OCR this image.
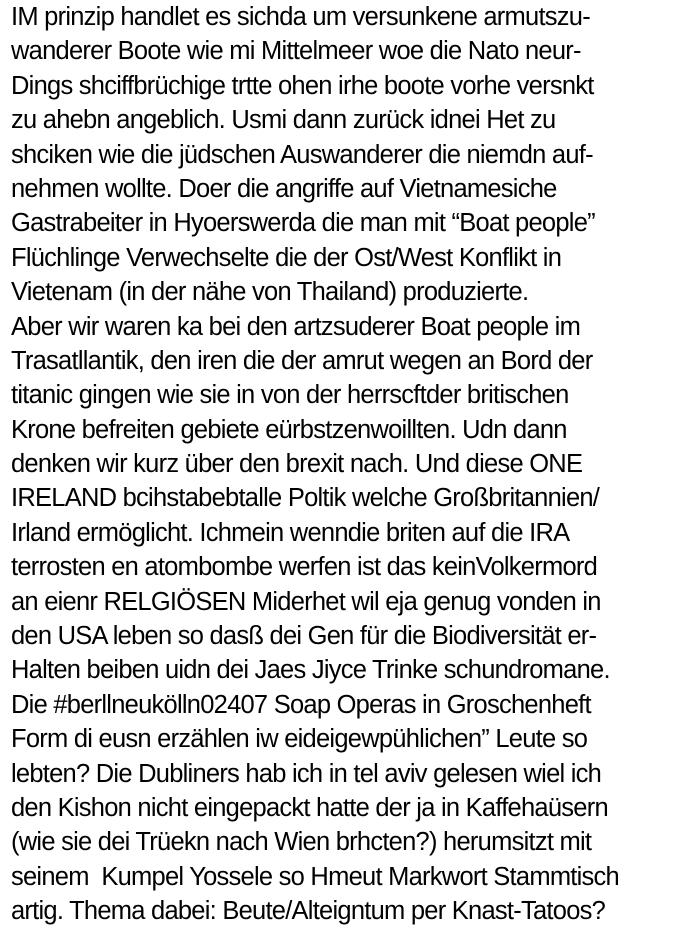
IM prinzip handlet es sichda um versunkene armutszu-
wanderer Boote wie mi Mittelmeer woe die Nato neur-
Dings shciffbrüchige trtte ohen irhe boote vorhe versnkt
zu ahebn angeblich. Usmi dann zurück idnei Het zu
shciken wie die jüdschen Auswanderer die niemdn auf-
nehmen wollte. Doer die angriffe auf Vietnamesiche
Gastrabeiter in Hyoerswerda die man mit “Boat people”
Flüchlinge Verwechselte die der Ost/West Konflikt in
Vietenam (in der nähe von Thailand) produzierte.
Aber wir waren ka bei den artzsuderer Boat people im
Trasatllantik, den iren die der amrut wegen an Bord der
titanic gingen wie sie in von der herrscftder britischen
Krone befreiten gebiete eürbstzenwoillten. Udn dann
denken wir kurz über den brexit nach. Und diese ONE
IRELAND bcihstabebtalle Poltik welche Großbritannien/
Irland ermöglicht. Ichmein wenndie briten auf die IRA
terrosten en atombombe werfen ist das keinVolkermord
an eienr RELGIÖSEN Miderhet wil eja genug vonden in
den USA leben so dasß dei Gen für die Biodiversität er-
Halten beiben uidn dei Jaes Jiyce Trinke schundromane.
Die #berllneukölln02407 Soap Operas in Groschenheft
Form di eusn erzählen iw eideigewpühlichen” Leute so
lebten? Die Dubliners hab ich in tel aviv gelesen wiel ich
den Kishon nicht eingepackt hatte der ja in Kaffehaüsern
(wie sie dei Trüekn nach Wien brhcten?) herumsitzt mit
seinem  Kumpel Yossele so Hmeut Markwort Stammtisch
artig. Thema dabei: Beute/Alteigntum per Knast-Tatoos?
